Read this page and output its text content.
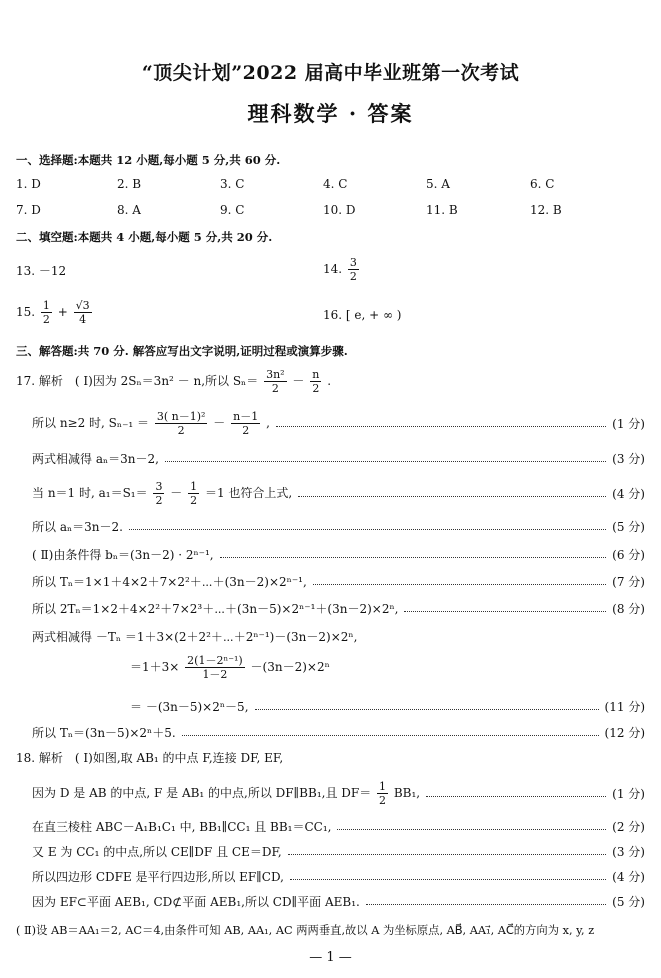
“顶尖计划”2022 届高中毕业班第一次考试
理科数学 · 答案
一、选择题:本题共 12 小题,每小题 5 分,共 60 分.
1. D	2. B	3. C	4. C	5. A	6. C
7. D	8. A	9. C	10. D	11. B	12. B
二、填空题:本题共 4 小题,每小题 5 分,共 20 分.
13. －12	14. $\frac{3}{2}$
15. $\frac{1}{2} + \frac{√3}{4}$	16. [ e, + ∞ )
三、解答题:共 70 分. 解答应写出文字说明,证明过程或演算步骤.
17. 解析　( Ⅰ)因为 2Sₙ＝3n² － n,所以 $S_n= \frac{\text{3n²}}{2} - \frac{n}{2}$ .
所以 n≥2 时, $S_{n-1} = \frac{\text{3( n－1)²}}{2} - \frac{n-1}{2}$ ,	(1 分)
两式相减得 aₙ＝3n－2,	(3 分)
当 n＝1 时, $a_1=S_1= \frac{3}{2} - \frac{1}{2} =1$ 也符合上式,	(4 分)
所以 aₙ＝3n－2.	(5 分)
( Ⅱ)由条件得 bₙ＝(3n－2) · 2ⁿ⁻¹,	(6 分)
所以 Tₙ＝1×1＋4×2＋7×2²＋⋯＋(3n－2)×2ⁿ⁻¹,	(7 分)
所以 2Tₙ＝1×2＋4×2²＋7×2³＋⋯＋(3n－5)×2ⁿ⁻¹＋(3n－2)×2ⁿ,	(8 分)
两式相减得 －Tₙ ＝1＋3×(2＋2²＋⋯＋2ⁿ⁻¹)－(3n－2)×2ⁿ,
$=1+3\times \frac{\text{2(1－2ⁿ⁻¹)}}{1-2} -(3n-2)\times 2^n$
＝ －(3n－5)×2ⁿ－5,	(11 分)
所以 Tₙ＝(3n－5)×2ⁿ＋5.	(12 分)
18. 解析　( Ⅰ)如图,取 AB₁ 的中点 F,连接 DF, EF,
因为 D 是 AB 的中点, F 是 AB₁ 的中点,所以 DF∥BB₁,且 $DF= \frac{1}{2} BB_1$,	(1 分)
在直三棱柱 ABC－A₁B₁C₁ 中, BB₁∥CC₁ 且 BB₁＝CC₁,	(2 分)
又 E 为 CC₁ 的中点,所以 CE∥DF 且 CE＝DF,	(3 分)
所以四边形 CDFE 是平行四边形,所以 EF∥CD,	(4 分)
因为 EF⊂平面 AEB₁, CD⊄平面 AEB₁,所以 CD∥平面 AEB₁.	(5 分)
( Ⅱ)设 AB＝AA₁＝2, AC＝4,由条件可知 AB, AA₁, AC 两两垂直,故以 A 为坐标原点, AB⃗, AA₁⃗, AC⃗的方向为 x, y, z
— 1 —
